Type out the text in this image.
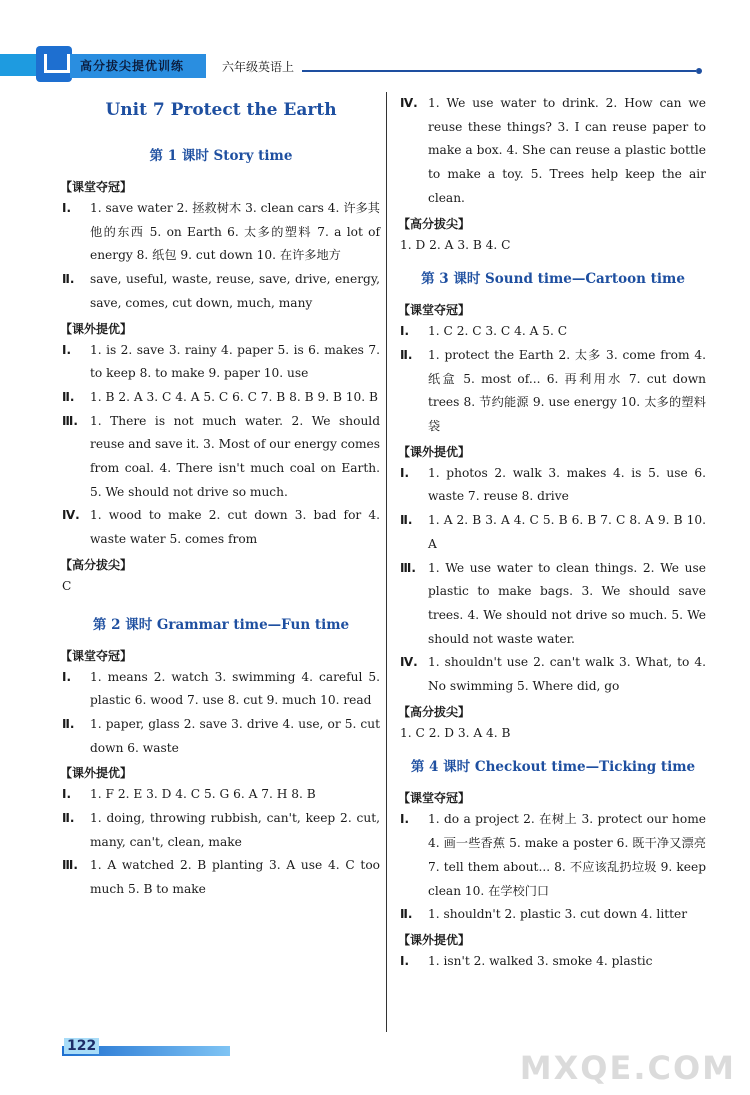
高分拔尖提优训练	六年级英语上
Unit 7 Protect the Earth
第 1 课时 Story time
【课堂夺冠】
Ⅰ. 1. save water 2. 拯救树木 3. clean cars 4. 许多其他的东西 5. on Earth 6. 太多的塑料 7. a lot of energy 8. 纸包 9. cut down 10. 在许多地方
Ⅱ. save, useful, waste, reuse, save, drive, energy, save, comes, cut down, much, many
【课外提优】
Ⅰ. 1. is 2. save 3. rainy 4. paper 5. is 6. makes 7. to keep 8. to make 9. paper 10. use
Ⅱ. 1. B 2. A 3. C 4. A 5. C 6. C 7. B 8. B 9. B 10. B
Ⅲ. 1. There is not much water. 2. We should reuse and save it. 3. Most of our energy comes from coal. 4. There isn't much coal on Earth. 5. We should not drive so much.
Ⅳ. 1. wood to make 2. cut down 3. bad for 4. waste water 5. comes from
【高分拔尖】
C
第 2 课时 Grammar time—Fun time
【课堂夺冠】
Ⅰ. 1. means 2. watch 3. swimming 4. careful 5. plastic 6. wood 7. use 8. cut 9. much 10. read
Ⅱ. 1. paper, glass 2. save 3. drive 4. use, or 5. cut down 6. waste
【课外提优】
Ⅰ. 1. F 2. E 3. D 4. C 5. G 6. A 7. H 8. B
Ⅱ. 1. doing, throwing rubbish, can't, keep 2. cut, many, can't, clean, make
Ⅲ. 1. A watched 2. B planting 3. A use 4. C too much 5. B to make
Ⅳ. 1. We use water to drink. 2. How can we reuse these things? 3. I can reuse paper to make a box. 4. She can reuse a plastic bottle to make a toy. 5. Trees help keep the air clean.
【高分拔尖】
1. D 2. A 3. B 4. C
第 3 课时 Sound time—Cartoon time
【课堂夺冠】
Ⅰ. 1. C 2. C 3. C 4. A 5. C
Ⅱ. 1. protect the Earth 2. 太多 3. come from 4. 纸盒 5. most of... 6. 再利用水 7. cut down trees 8. 节约能源 9. use energy 10. 太多的塑料袋
【课外提优】
Ⅰ. 1. photos 2. walk 3. makes 4. is 5. use 6. waste 7. reuse 8. drive
Ⅱ. 1. A 2. B 3. A 4. C 5. B 6. B 7. C 8. A 9. B 10. A
Ⅲ. 1. We use water to clean things. 2. We use plastic to make bags. 3. We should save trees. 4. We should not drive so much. 5. We should not waste water.
Ⅳ. 1. shouldn't use 2. can't walk 3. What, to 4. No swimming 5. Where did, go
【高分拔尖】
1. C 2. D 3. A 4. B
第 4 课时 Checkout time—Ticking time
【课堂夺冠】
Ⅰ. 1. do a project 2. 在树上 3. protect our home 4. 画一些香蕉 5. make a poster 6. 既干净又漂亮 7. tell them about... 8. 不应该乱扔垃圾 9. keep clean 10. 在学校门口
Ⅱ. 1. shouldn't 2. plastic 3. cut down 4. litter
【课外提优】
Ⅰ. 1. isn't 2. walked 3. smoke 4. plastic
122
MXQE.COM
